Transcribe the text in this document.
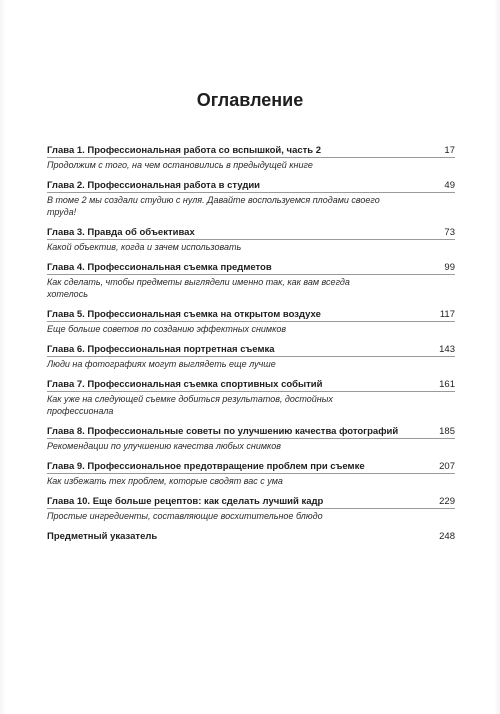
Оглавление
Глава 1. Профессиональная работа со вспышкой, часть 2	17
Продолжим с того, на чем остановились в предыдущей книге
Глава 2. Профессиональная работа в студии	49
В томе 2 мы создали студию с нуля. Давайте воспользуемся плодами своего труда!
Глава 3. Правда об объективах	73
Какой объектив, когда и зачем использовать
Глава 4. Профессиональная съемка предметов	99
Как сделать, чтобы предметы выглядели именно так, как вам всегда хотелось
Глава 5. Профессиональная съемка на открытом воздухе	117
Еще больше советов по созданию эффектных снимков
Глава 6. Профессиональная портретная съемка	143
Люди на фотографиях могут выглядеть еще лучше
Глава 7. Профессиональная съемка спортивных событий	161
Как уже на следующей съемке добиться результатов, достойных профессионала
Глава 8. Профессиональные советы по улучшению качества фотографий	185
Рекомендации по улучшению качества любых снимков
Глава 9. Профессиональное предотвращение проблем при съемке	207
Как избежать тех проблем, которые сводят вас с ума
Глава 10. Еще больше рецептов: как сделать лучший кадр	229
Простые ингредиенты, составляющие восхитительное блюдо
Предметный указатель	248
